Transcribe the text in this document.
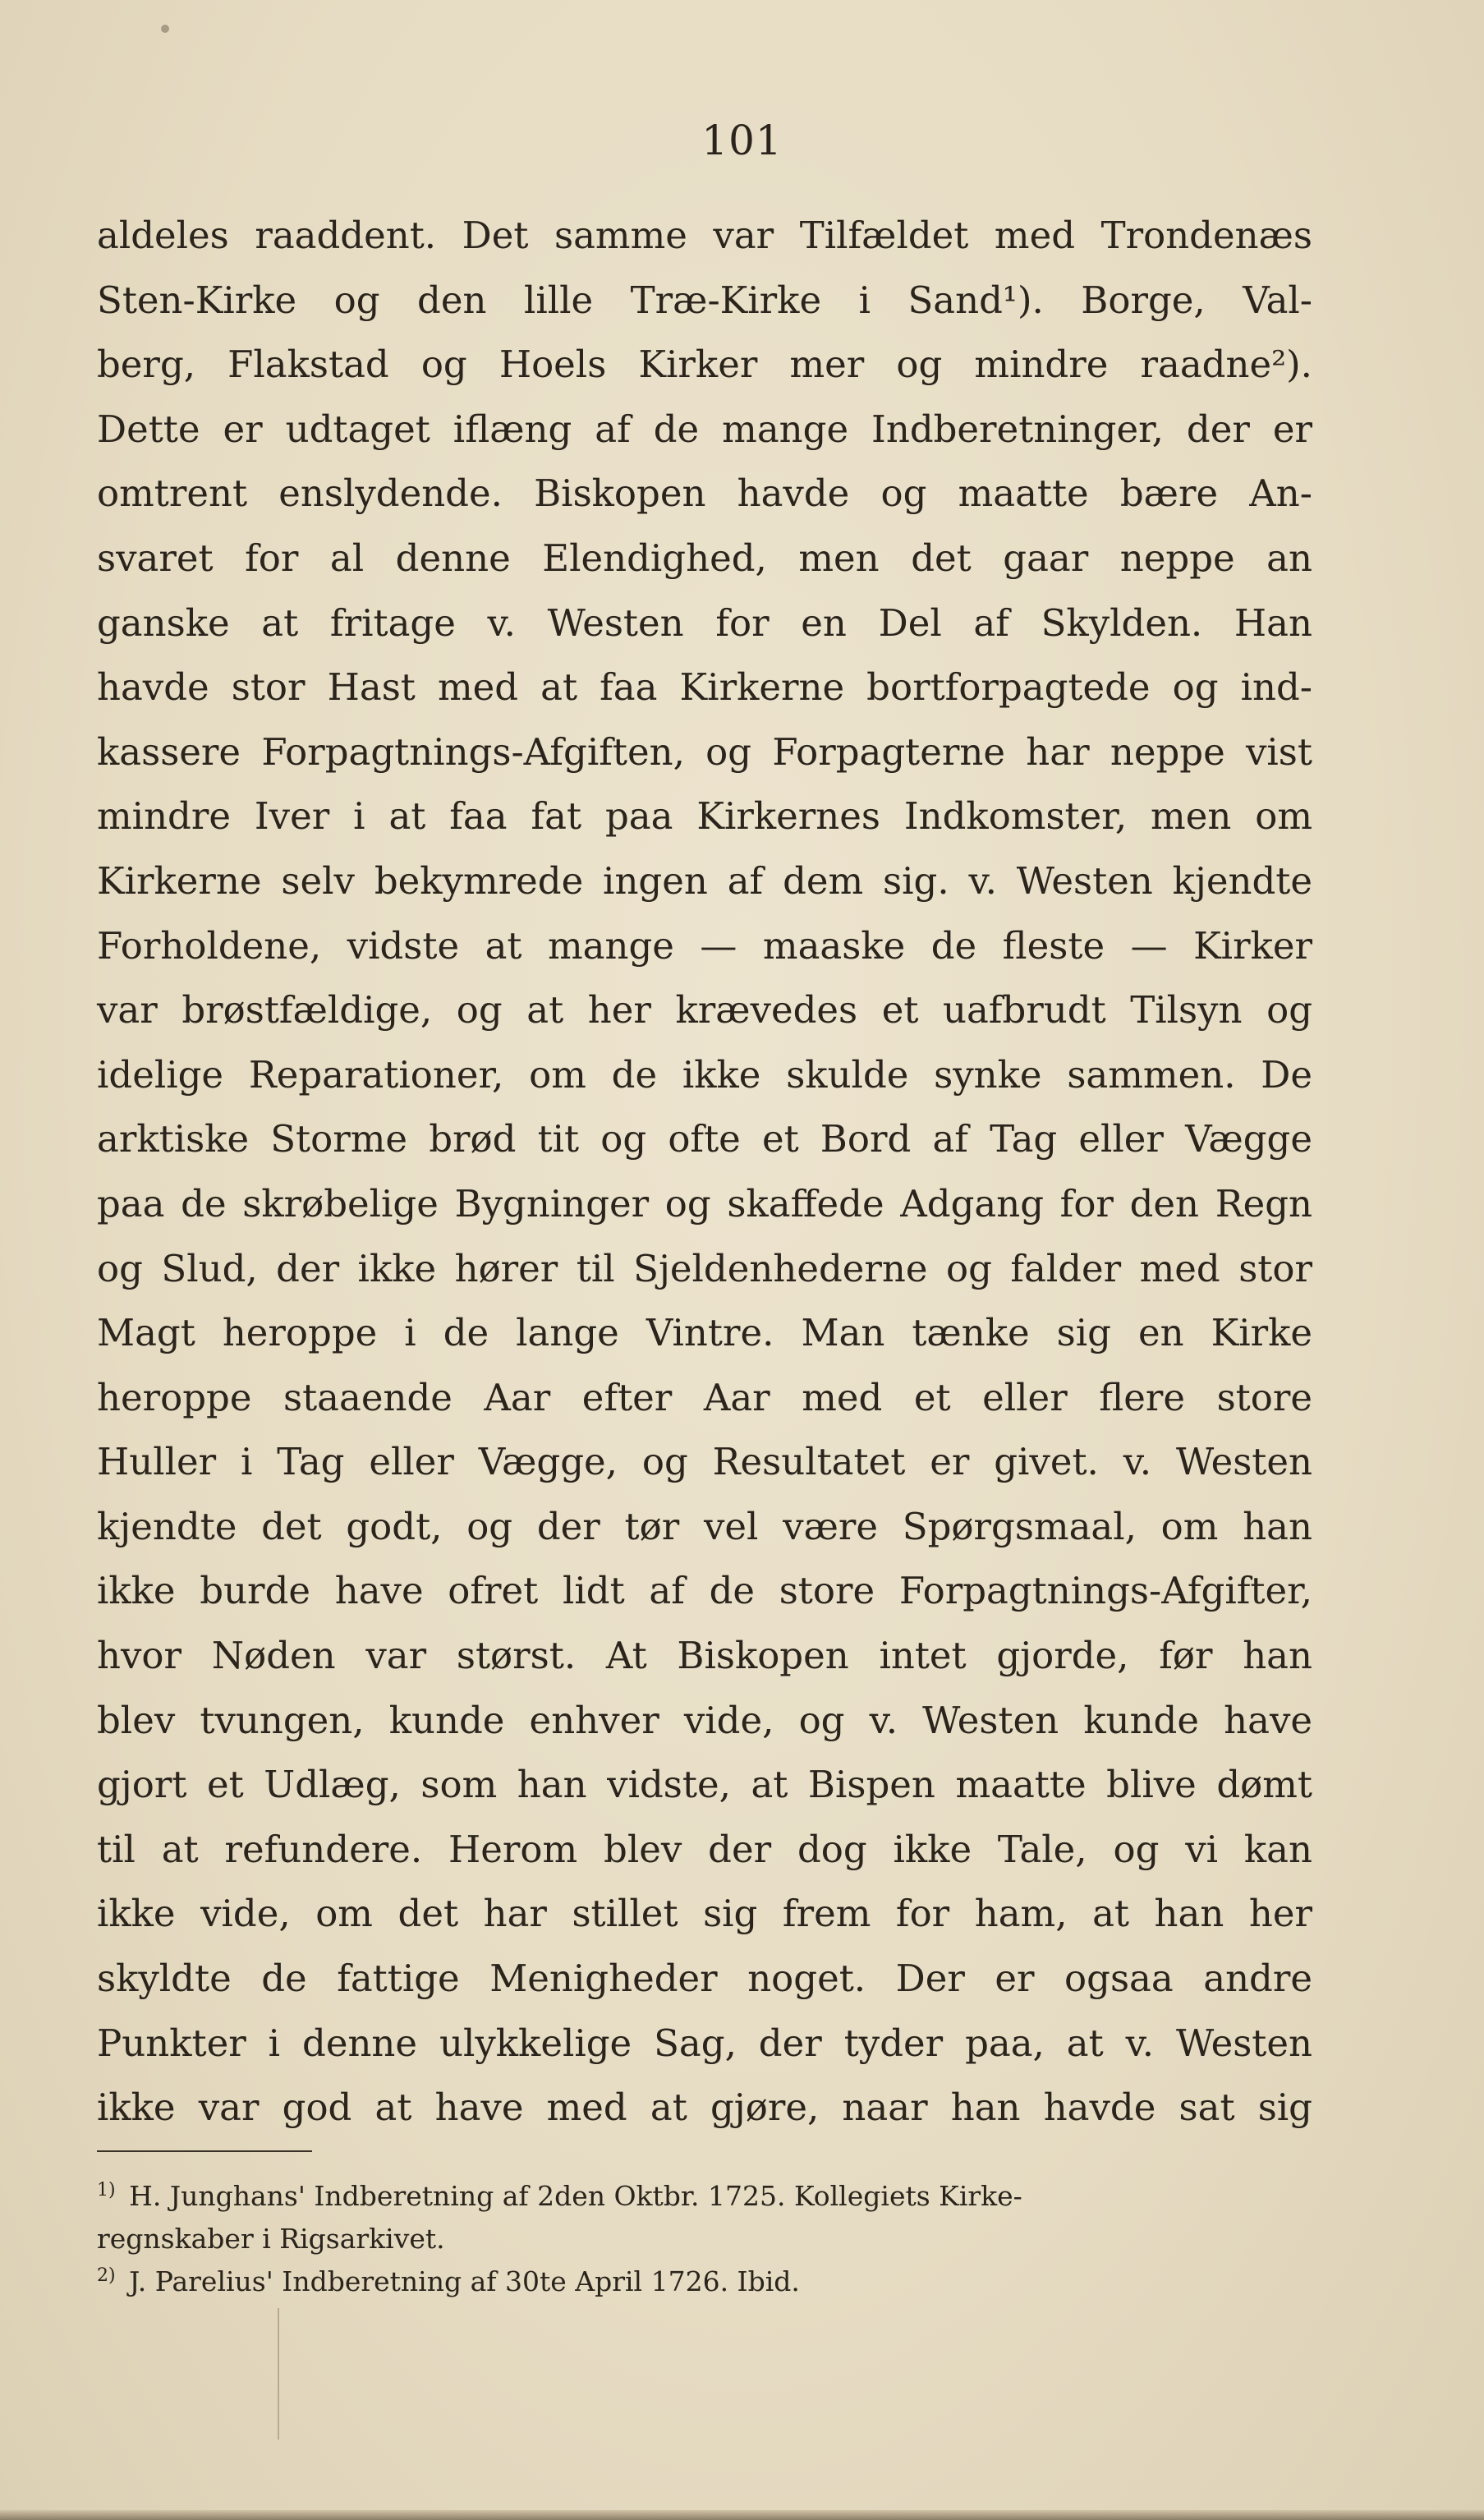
101
aldeles raaddent. Det samme var Tilfældet med Trondenæs
Sten-Kirke og den lille Træ-Kirke i Sand¹). Borge, Val-
berg, Flakstad og Hoels Kirker mer og mindre raadne²).
Dette er udtaget iflæng af de mange Indberetninger, der er
omtrent enslydende. Biskopen havde og maatte bære An-
svaret for al denne Elendighed, men det gaar neppe an
ganske at fritage v. Westen for en Del af Skylden. Han
havde stor Hast med at faa Kirkerne bortforpagtede og ind-
kassere Forpagtnings-Afgiften, og Forpagterne har neppe vist
mindre Iver i at faa fat paa Kirkernes Indkomster, men om
Kirkerne selv bekymrede ingen af dem sig. v. Westen kjendte
Forholdene, vidste at mange — maaske de fleste — Kirker
var brøstfældige, og at her krævedes et uafbrudt Tilsyn og
idelige Reparationer, om de ikke skulde synke sammen. De
arktiske Storme brød tit og ofte et Bord af Tag eller Vægge
paa de skrøbelige Bygninger og skaffede Adgang for den Regn
og Slud, der ikke hører til Sjeldenhederne og falder med stor
Magt heroppe i de lange Vintre. Man tænke sig en Kirke
heroppe staaende Aar efter Aar med et eller flere store
Huller i Tag eller Vægge, og Resultatet er givet. v. Westen
kjendte det godt, og der tør vel være Spørgsmaal, om han
ikke burde have ofret lidt af de store Forpagtnings-Afgifter,
hvor Nøden var størst. At Biskopen intet gjorde, før han
blev tvungen, kunde enhver vide, og v. Westen kunde have
gjort et Udlæg, som han vidste, at Bispen maatte blive dømt
til at refundere. Herom blev der dog ikke Tale, og vi kan
ikke vide, om det har stillet sig frem for ham, at han her
skyldte de fattige Menigheder noget. Der er ogsaa andre
Punkter i denne ulykkelige Sag, der tyder paa, at v. Westen
ikke var god at have med at gjøre, naar han havde sat sig
$^{1)}$ H. Junghans' Indberetning af 2den Oktbr. 1725. Kollegiets Kirke-
regnskaber i Rigsarkivet.
$^{2)}$ J. Parelius' Indberetning af 30te April 1726. Ibid.
